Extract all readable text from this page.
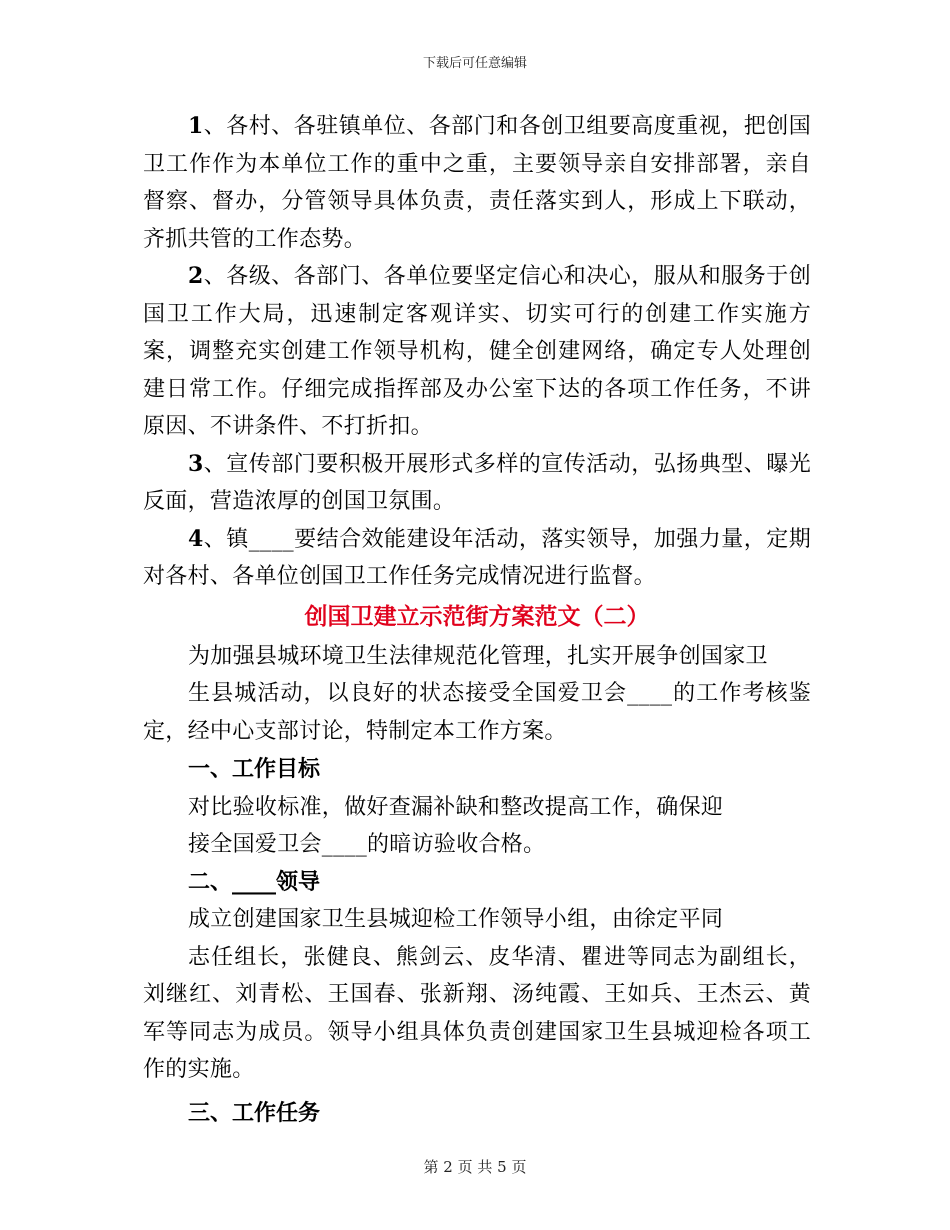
下载后可任意编辑

1、各村、各驻镇单位、各部门和各创卫组要高度重视，把创国卫工作作为本单位工作的重中之重，主要领导亲自安排部署，亲自督察、督办，分管领导具体负责，责任落实到人，形成上下联动，齐抓共管的工作态势。

2、各级、各部门、各单位要坚定信心和决心，服从和服务于创国卫工作大局，迅速制定客观详实、切实可行的创建工作实施方案，调整充实创建工作领导机构，健全创建网络，确定专人处理创建日常工作。仔细完成指挥部及办公室下达的各项工作任务，不讲原因、不讲条件、不打折扣。

3、宣传部门要积极开展形式多样的宣传活动，弘扬典型、曝光反面，营造浓厚的创国卫氛围。

4、镇____要结合效能建设年活动，落实领导，加强力量，定期对各村、各单位创国卫工作任务完成情况进行监督。

创国卫建立示范街方案范文（二）

为加强县城环境卫生法律规范化管理，扎实开展争创国家卫

生县城活动，以良好的状态接受全国爱卫会____的工作考核鉴定，经中心支部讨论，特制定本工作方案。

一、工作目标

对比验收标准，做好查漏补缺和整改提高工作，确保迎

接全国爱卫会____的暗访验收合格。

二、____领导

成立创建国家卫生县城迎检工作领导小组，由徐定平同

志任组长，张健良、熊剑云、皮华清、瞿进等同志为副组长，刘继红、刘青松、王国春、张新翔、汤纯霞、王如兵、王杰云、黄军等同志为成员。领导小组具体负责创建国家卫生县城迎检各项工作的实施。

三、工作任务
第 2 页 共 5 页
